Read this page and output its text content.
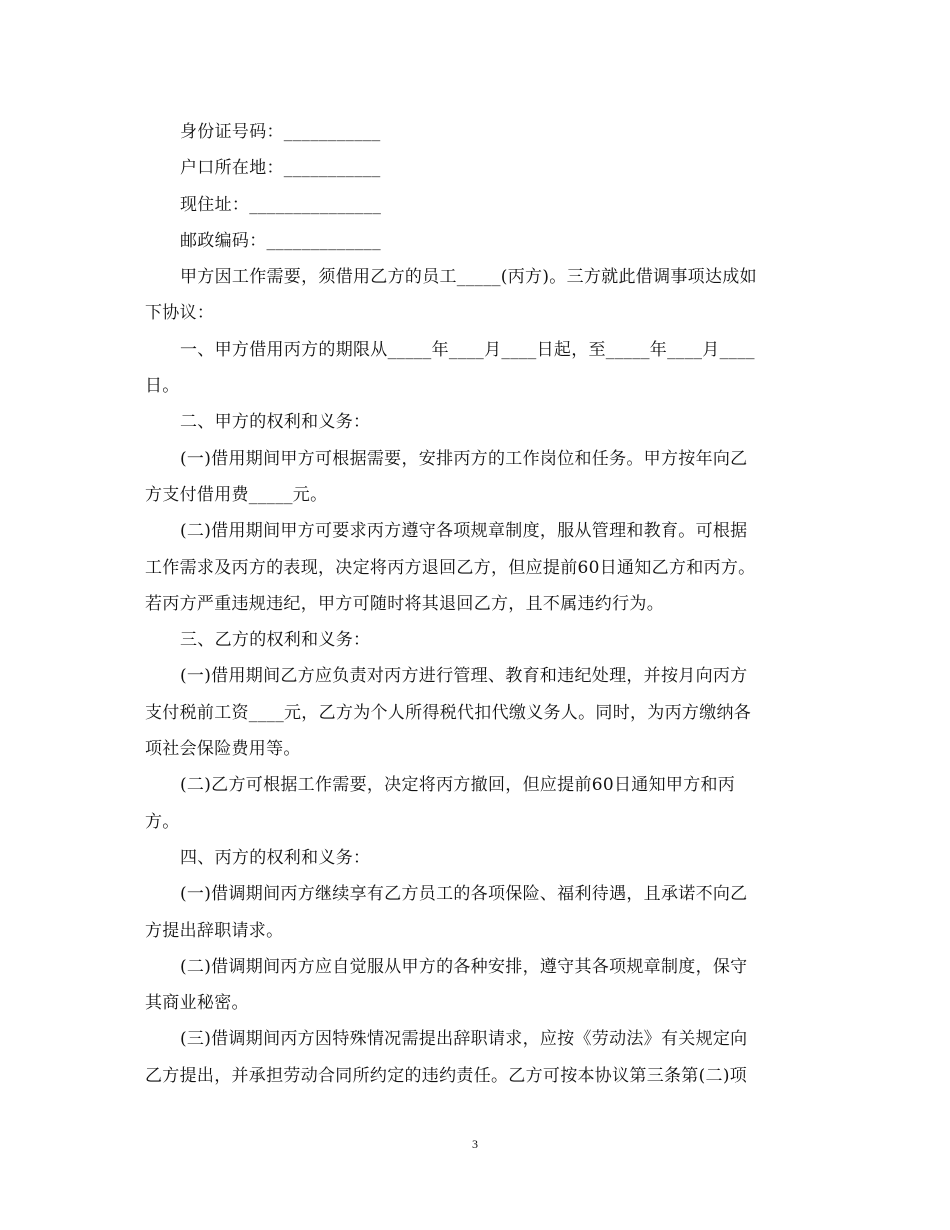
身份证号码：___________
户口所在地：___________
现住址：_______________
邮政编码：_____________
甲方因工作需要，须借用乙方的员工_____(丙方)。三方就此借调事项达成如
下协议：
一、甲方借用丙方的期限从_____年____月____日起，至_____年____月____
日。
二、甲方的权利和义务：
(一)借用期间甲方可根据需要，安排丙方的工作岗位和任务。甲方按年向乙
方支付借用费_____元。
(二)借用期间甲方可要求丙方遵守各项规章制度，服从管理和教育。可根据
工作需求及丙方的表现，决定将丙方退回乙方，但应提前60日通知乙方和丙方。
若丙方严重违规违纪，甲方可随时将其退回乙方，且不属违约行为。
三、乙方的权利和义务：
(一)借用期间乙方应负责对丙方进行管理、教育和违纪处理，并按月向丙方
支付税前工资____元，乙方为个人所得税代扣代缴义务人。同时，为丙方缴纳各
项社会保险费用等。
(二)乙方可根据工作需要，决定将丙方撤回，但应提前60日通知甲方和丙
方。
四、丙方的权利和义务：
(一)借调期间丙方继续享有乙方员工的各项保险、福利待遇，且承诺不向乙
方提出辞职请求。
(二)借调期间丙方应自觉服从甲方的各种安排，遵守其各项规章制度，保守
其商业秘密。
(三)借调期间丙方因特殊情况需提出辞职请求，应按《劳动法》有关规定向
乙方提出，并承担劳动合同所约定的违约责任。乙方可按本协议第三条第(二)项
3
